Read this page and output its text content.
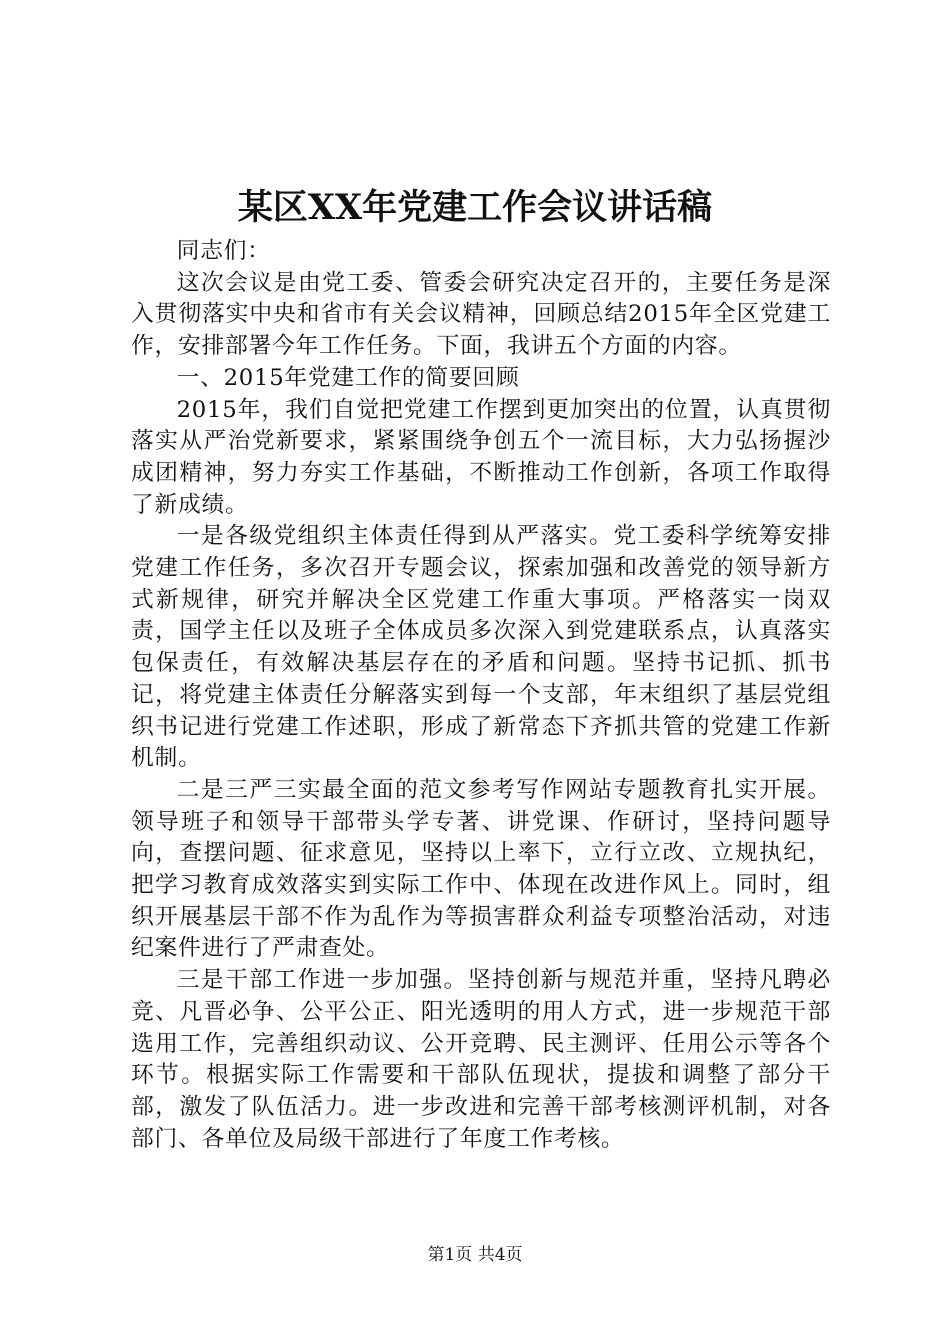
某区XX年党建工作会议讲话稿

同志们：

这次会议是由党工委、管委会研究决定召开的，主要任务是深入贯彻落实中央和省市有关会议精神，回顾总结2015年全区党建工作，安排部署今年工作任务。下面，我讲五个方面的内容。

一、2015年党建工作的简要回顾

2015年，我们自觉把党建工作摆到更加突出的位置，认真贯彻落实从严治党新要求，紧紧围绕争创五个一流目标，大力弘扬握沙成团精神，努力夯实工作基础，不断推动工作创新，各项工作取得了新成绩。

一是各级党组织主体责任得到从严落实。党工委科学统筹安排党建工作任务，多次召开专题会议，探索加强和改善党的领导新方式新规律，研究并解决全区党建工作重大事项。严格落实一岗双责，国学主任以及班子全体成员多次深入到党建联系点，认真落实包保责任，有效解决基层存在的矛盾和问题。坚持书记抓、抓书记，将党建主体责任分解落实到每一个支部，年末组织了基层党组织书记进行党建工作述职，形成了新常态下齐抓共管的党建工作新机制。

二是三严三实最全面的范文参考写作网站专题教育扎实开展。领导班子和领导干部带头学专著、讲党课、作研讨，坚持问题导向，查摆问题、征求意见，坚持以上率下，立行立改、立规执纪，把学习教育成效落实到实际工作中、体现在改进作风上。同时，组织开展基层干部不作为乱作为等损害群众利益专项整治活动，对违纪案件进行了严肃查处。

三是干部工作进一步加强。坚持创新与规范并重，坚持凡聘必竞、凡晋必争、公平公正、阳光透明的用人方式，进一步规范干部选用工作，完善组织动议、公开竞聘、民主测评、任用公示等各个环节。根据实际工作需要和干部队伍现状，提拔和调整了部分干部，激发了队伍活力。进一步改进和完善干部考核测评机制，对各部门、各单位及局级干部进行了年度工作考核。

第1页 共4页
